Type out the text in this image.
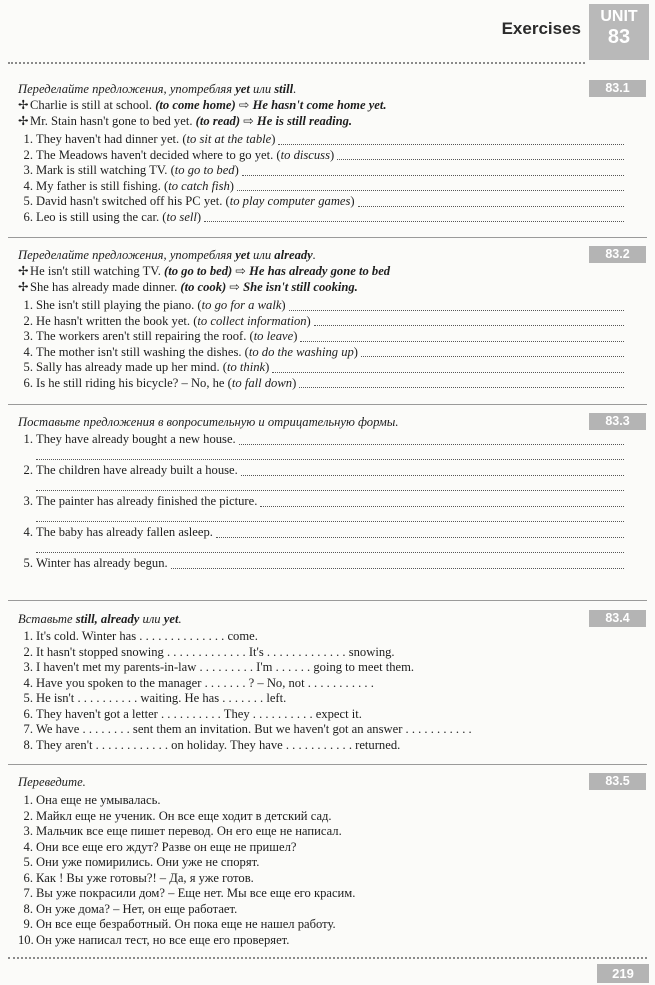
Exercises
UNIT
83
Переделайте предложения, употребляя yet или still.	83.1
✢Charlie is still at school. (to come home) ⇨ He hasn't come home yet.
✢Mr. Stain hasn't gone to bed yet. (to read) ⇨ He is still reading.
1. They haven't had dinner yet. (to sit at the table)
2. The Meadows haven't decided where to go yet. (to discuss)
3. Mark is still watching TV. (to go to bed)
4. My father is still fishing. (to catch fish)
5. David hasn't switched off his PC yet. (to play computer games)
6. Leo is still using the car. (to sell)
Переделайте предложения, употребляя yet или already.	83.2
✢He isn't still watching TV. (to go to bed) ⇨ He has already gone to bed
✢She has already made dinner. (to cook) ⇨ She isn't still cooking.
1. She isn't still playing the piano. (to go for a walk)
2. He hasn't written the book yet. (to collect information)
3. The workers aren't still repairing the roof. (to leave)
4. The mother isn't still washing the dishes. (to do the washing up)
5. Sally has already made up her mind. (to think)
6. Is he still riding his bicycle? – No, he (to fall down)
Поставьте предложения в вопросительную и отрицательную формы.	83.3
1. They have already bought a new house.
2. The children have already built a house.
3. The painter has already finished the picture.
4. The baby has already fallen asleep.
5. Winter has already begun.
Вставьте still, already или yet.	83.4
1. It's cold. Winter has . . . . . . . . . . . . . . come.
2. It hasn't stopped snowing . . . . . . . . . . . . . It's . . . . . . . . . . . . . snowing.
3. I haven't met my parents-in-law . . . . . . . . . I'm . . . . . . going to meet them.
4. Have you spoken to the manager . . . . . . . ? – No, not . . . . . . . . . . .
5. He isn't . . . . . . . . . . waiting. He has . . . . . . . left.
6. They haven't got a letter . . . . . . . . . . They . . . . . . . . . . expect it.
7. We have . . . . . . . . sent them an invitation. But we haven't got an answer . . . . . . . . . . .
8. They aren't . . . . . . . . . . . . on holiday. They have . . . . . . . . . . . returned.
Переведите.	83.5
1. Она еще не умывалась.
2. Майкл еще не ученик. Он все еще ходит в детский сад.
3. Мальчик все еще пишет перевод. Он его еще не написал.
4. Они все еще его ждут? Разве он еще не пришел?
5. Они уже помирились. Они уже не спорят.
6. Как ! Вы уже готовы?! – Да, я уже готов.
7. Вы уже покрасили дом? – Еще нет. Мы все еще его красим.
8. Он уже дома? – Нет, он еще работает.
9. Он все еще безработный. Он пока еще не нашел работу.
10. Он уже написал тест, но все еще его проверяет.
219
